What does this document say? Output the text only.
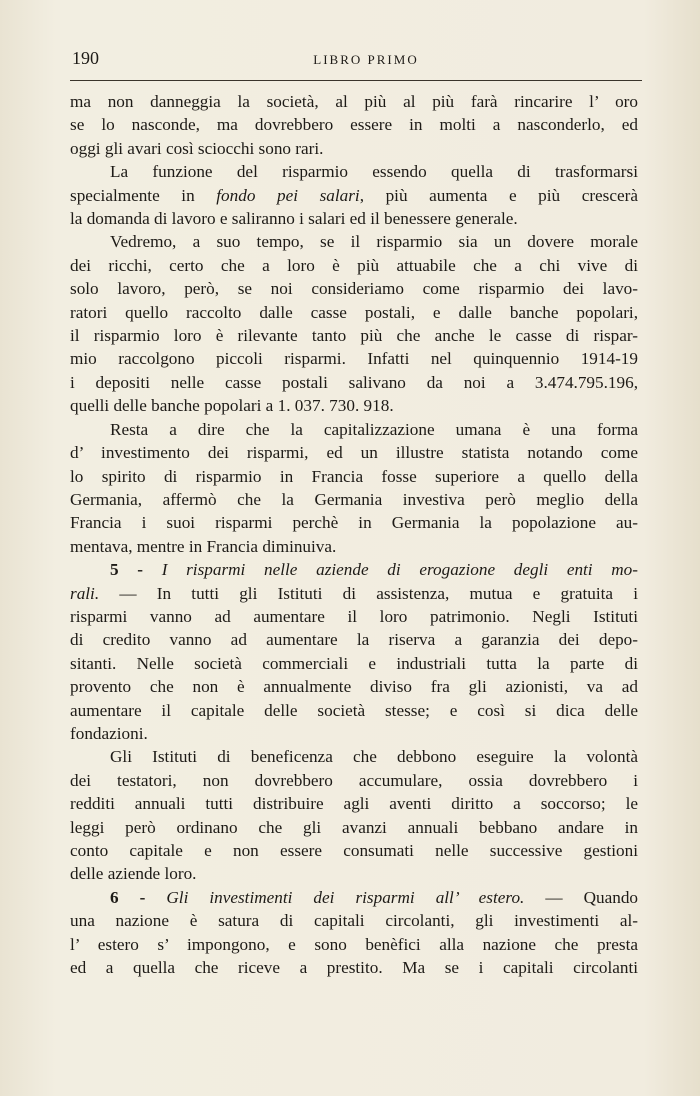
190	LIBRO PRIMO

ma non danneggia la società, al più al più farà rincarire l’ oro
se lo nasconde, ma dovrebbero essere in molti a nasconderlo, ed
oggi gli avari così sciocchi sono rari.

La funzione del risparmio essendo quella di trasformarsi
specialmente in fondo pei salari, più aumenta e più crescerà
la domanda di lavoro e saliranno i salari ed il benessere generale.

Vedremo, a suo tempo, se il risparmio sia un dovere morale
dei ricchi, certo che a loro è più attuabile che a chi vive di
solo lavoro, però, se noi consideriamo come risparmio dei lavo-
ratori quello raccolto dalle casse postali, e dalle banche popolari,
il risparmio loro è rilevante tanto più che anche le casse di rispar-
mio raccolgono piccoli risparmi. Infatti nel quinquennio 1914-19
i depositi nelle casse postali salivano da noi a 3.474.795.196,
quelli delle banche popolari a 1. 037. 730. 918.

Resta a dire che la capitalizzazione umana è una forma
d’ investimento dei risparmi, ed un illustre statista notando come
lo spirito di risparmio in Francia fosse superiore a quello della
Germania, affermò che la Germania investiva però meglio della
Francia i suoi risparmi perchè in Germania la popolazione au-
mentava, mentre in Francia diminuiva.

5 - I risparmi nelle aziende di erogazione degli enti mo-
rali. — In tutti gli Istituti di assistenza, mutua e gratuita i
risparmi vanno ad aumentare il loro patrimonio. Negli Istituti
di credito vanno ad aumentare la riserva a garanzia dei depo-
sitanti. Nelle società commerciali e industriali tutta la parte di
provento che non è annualmente diviso fra gli azionisti, va ad
aumentare il capitale delle società stesse; e così si dica delle
fondazioni.

Gli Istituti di beneficenza che debbono eseguire la volontà
dei testatori, non dovrebbero accumulare, ossia dovrebbero i
redditi annuali tutti distribuire agli aventi diritto a soccorso; le
leggi però ordinano che gli avanzi annuali bebbano andare in
conto capitale e non essere consumati nelle successive gestioni
delle aziende loro.

6 - Gli investimenti dei risparmi all’ estero. — Quando
una nazione è satura di capitali circolanti, gli investimenti al-
l’ estero s’ impongono, e sono benèfici alla nazione che presta
ed a quella che riceve a prestito. Ma se i capitali circolanti
